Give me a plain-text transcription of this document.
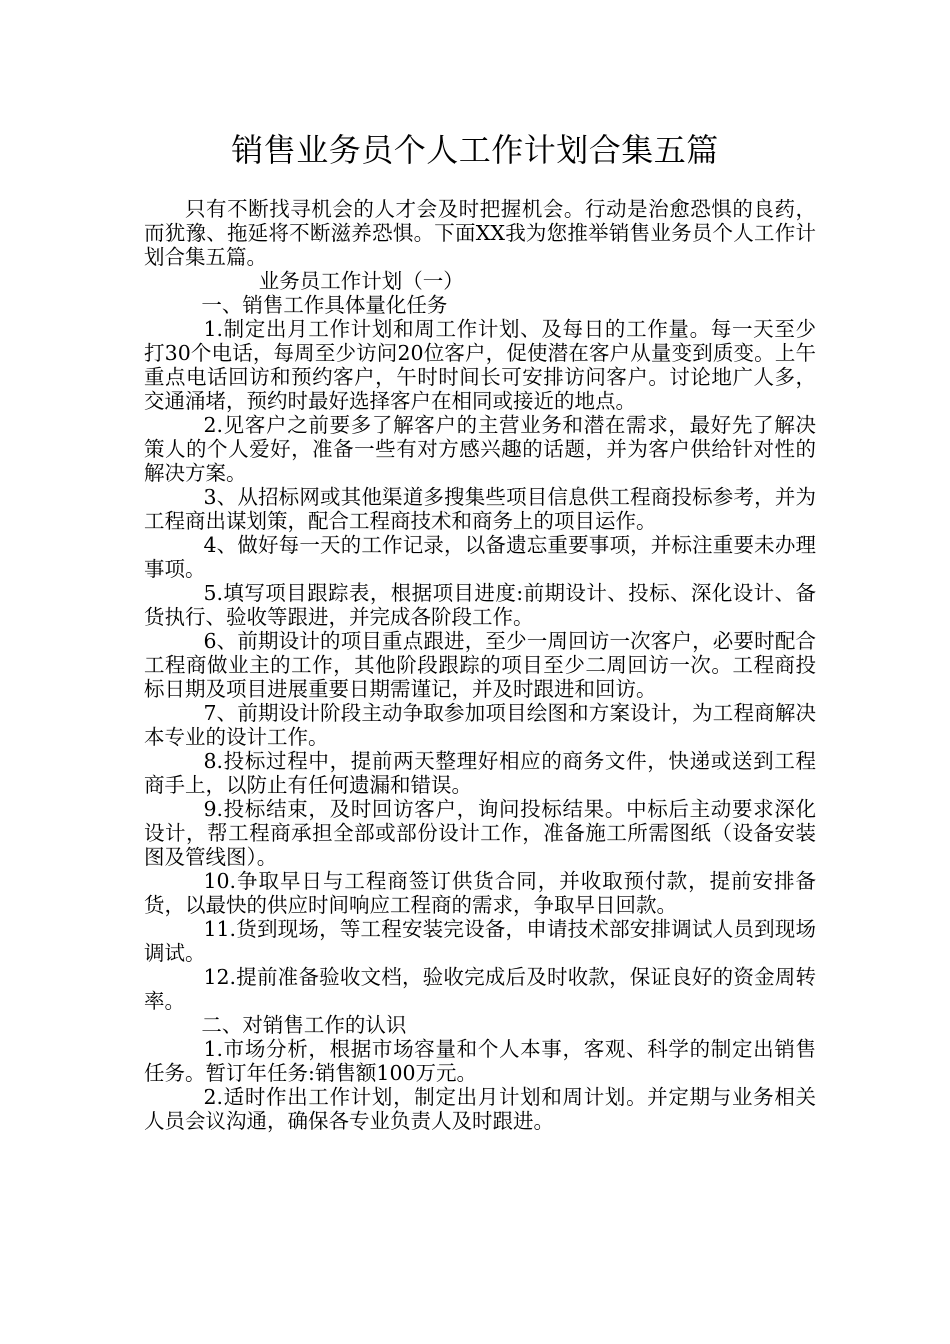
销售业务员个人工作计划合集五篇

只有不断找寻机会的人才会及时把握机会。行动是治愈恐惧的良药，而犹豫、拖延将不断滋养恐惧。下面XX我为您推举销售业务员个人工作计划合集五篇。

业务员工作计划（一）

一、销售工作具体量化任务

1.制定出月工作计划和周工作计划、及每日的工作量。每一天至少打30个电话，每周至少访问20位客户，促使潜在客户从量变到质变。上午重点电话回访和预约客户，午时时间长可安排访问客户。讨论地广人多，交通涌堵，预约时最好选择客户在相同或接近的地点。

2.见客户之前要多了解客户的主营业务和潜在需求，最好先了解决策人的个人爱好，准备一些有对方感兴趣的话题，并为客户供给针对性的解决方案。

3、从招标网或其他渠道多搜集些项目信息供工程商投标参考，并为工程商出谋划策，配合工程商技术和商务上的项目运作。

4、做好每一天的工作记录，以备遗忘重要事项，并标注重要未办理事项。

5.填写项目跟踪表，根据项目进度:前期设计、投标、深化设计、备货执行、验收等跟进，并完成各阶段工作。

6、前期设计的项目重点跟进，至少一周回访一次客户，必要时配合工程商做业主的工作，其他阶段跟踪的项目至少二周回访一次。工程商投标日期及项目进展重要日期需谨记，并及时跟进和回访。

7、前期设计阶段主动争取参加项目绘图和方案设计，为工程商解决本专业的设计工作。

8.投标过程中，提前两天整理好相应的商务文件，快递或送到工程商手上，以防止有任何遗漏和错误。

9.投标结束，及时回访客户，询问投标结果。中标后主动要求深化设计，帮工程商承担全部或部份设计工作，准备施工所需图纸（设备安装图及管线图）。

10.争取早日与工程商签订供货合同，并收取预付款，提前安排备货，以最快的供应时间响应工程商的需求，争取早日回款。

11.货到现场，等工程安装完设备，申请技术部安排调试人员到现场调试。

12.提前准备验收文档，验收完成后及时收款，保证良好的资金周转率。

二、对销售工作的认识

1.市场分析，根据市场容量和个人本事，客观、科学的制定出销售任务。暂订年任务:销售额100万元。

2.适时作出工作计划，制定出月计划和周计划。并定期与业务相关人员会议沟通，确保各专业负责人及时跟进。
